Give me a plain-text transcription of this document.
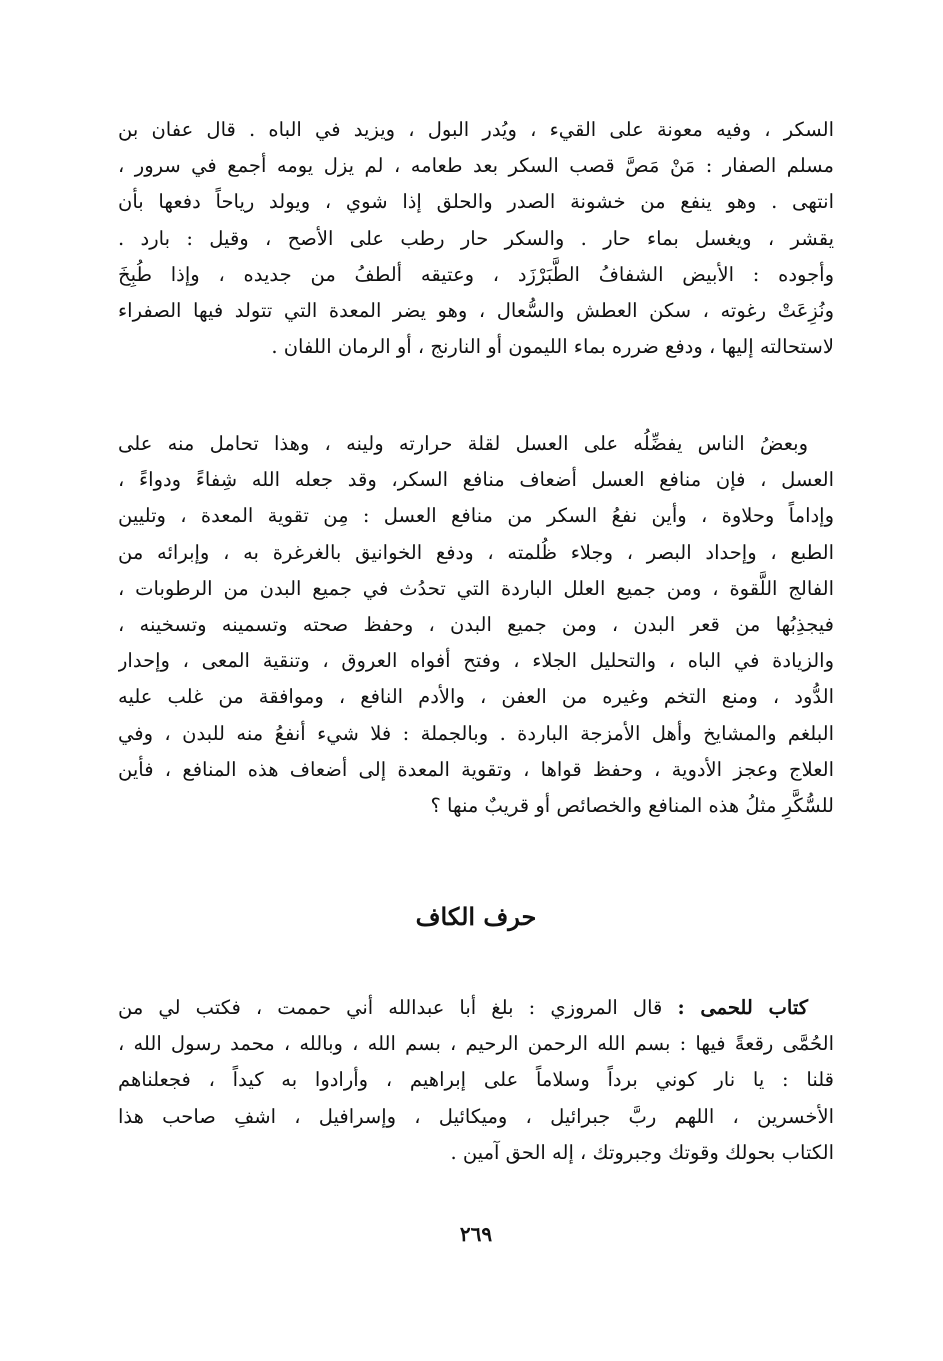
السكر ، وفيه معونة على القيء ، ويُدر البول ، ويزيد في الباه . قال عفان بن
مسلم الصفار : مَنْ مَصَّ قصب السكر بعد طعامه ، لم يزل يومه أجمع في سرور ،
انتهى . وهو ينفع من خشونة الصدر والحلق إذا شوي ، ويولد رياحاً دفعها بأن
يقشر ، ويغسل بماء حار . والسكر حار رطب على الأصح ، وقيل : بارد .
وأجوده : الأبيض الشفافُ الطَّبَرْزَد ، وعتيقه ألطفُ من جديده ، وإذا طُبِخَ
ونُزِعَتْ رغوته ، سكن العطش والسُّعال ، وهو يضر المعدة التي تتولد فيها الصفراء
لاستحالته إليها ، ودفع ضرره بماء الليمون أو النارنج ، أو الرمان اللفان .
وبعضُ الناس يفضِّلُه على العسل لقلة حرارته ولينه ، وهذا تحامل منه على
العسل ، فإن منافع العسل أضعاف منافع السكر، وقد جعله الله شِفاءً ودواءً ،
وإداماً وحلاوة ، وأين نفعُ السكر من منافع العسل : مِن تقوية المعدة ، وتليين
الطبع ، وإحداد البصر ، وجلاء ظُلمته ، ودفع الخوانيق بالغرغرة به ، وإبرائه من
الفالج اللَّقوة ، ومن جميع العلل الباردة التي تحدُث في جميع البدن من الرطوبات ،
فيجذِبُها من قعر البدن ، ومن جميع البدن ، وحفظ صحته وتسمينه وتسخينه ،
والزيادة في الباه ، والتحليل الجلاء ، وفتح أفواه العروق ، وتنقية المعى ، وإحدار
الدُّود ، ومنع التخم وغيره من العفن ، والأدم النافع ، وموافقة من غلب عليه
البلغم والمشايخ وأهل الأمزجة الباردة . وبالجملة : فلا شيء أنفعُ منه للبدن ، وفي
العلاج وعجز الأدوية ، وحفظ قواها ، وتقوية المعدة إلى أضعاف هذه المنافع ، فأين
للسُّكَّرِ مثلُ هذه المنافع والخصائص أو قريبٌ منها ؟
حرف الكاف
كتاب للحمى : قال المروزي : بلغ أبا عبدالله أني حممت ، فكتب لي من
الحُمَّى رقعةً فيها : بسم الله الرحمن الرحيم ، بسم الله ، وبالله ، محمد رسول الله ،
قلنا : يا نار كوني برداً وسلاماً على إبراهيم ، وأرادوا به كيداً ، فجعلناهم
الأخسرين ، اللهم ربَّ جبرائيل ، وميكائيل ، وإسرافيل ، اشفِ صاحب هذا
الكتاب بحولك وقوتك وجبروتك ، إله الحق آمين .
٢٦٩
